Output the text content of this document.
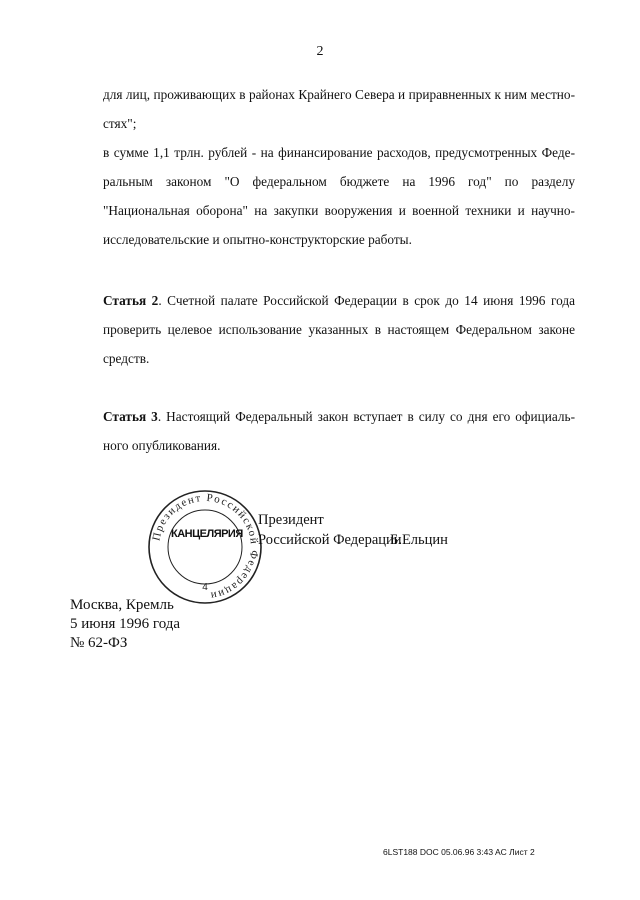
2
для лиц, проживающих в районах Крайнего Севера и приравненных к ним местно-стях";
в сумме 1,1 трлн. рублей - на финансирование расходов, предусмотренных Феде-ральным законом "О федеральном бюджете на 1996 год" по разделу "Национальная оборона" на закупки вооружения и военной техники и научно-исследовательские и опытно-конструкторские работы.
Статья 2. Счетной палате Российской Федерации в срок до 14 июня 1996 года проверить целевое использование указанных в настоящем Федеральном законе средств.
Статья 3. Настоящий Федеральный закон вступает в силу со дня его официаль-ного опубликования.
Президент Российской Федерации
4
КАНЦЕЛЯРИЯ
Президент
Российской Федерации
Б.Ельцин
Москва, Кремль
5 июня 1996 года
№ 62-ФЗ
6LST188 DOC 05.06.96 3:43 AC Лист 2
